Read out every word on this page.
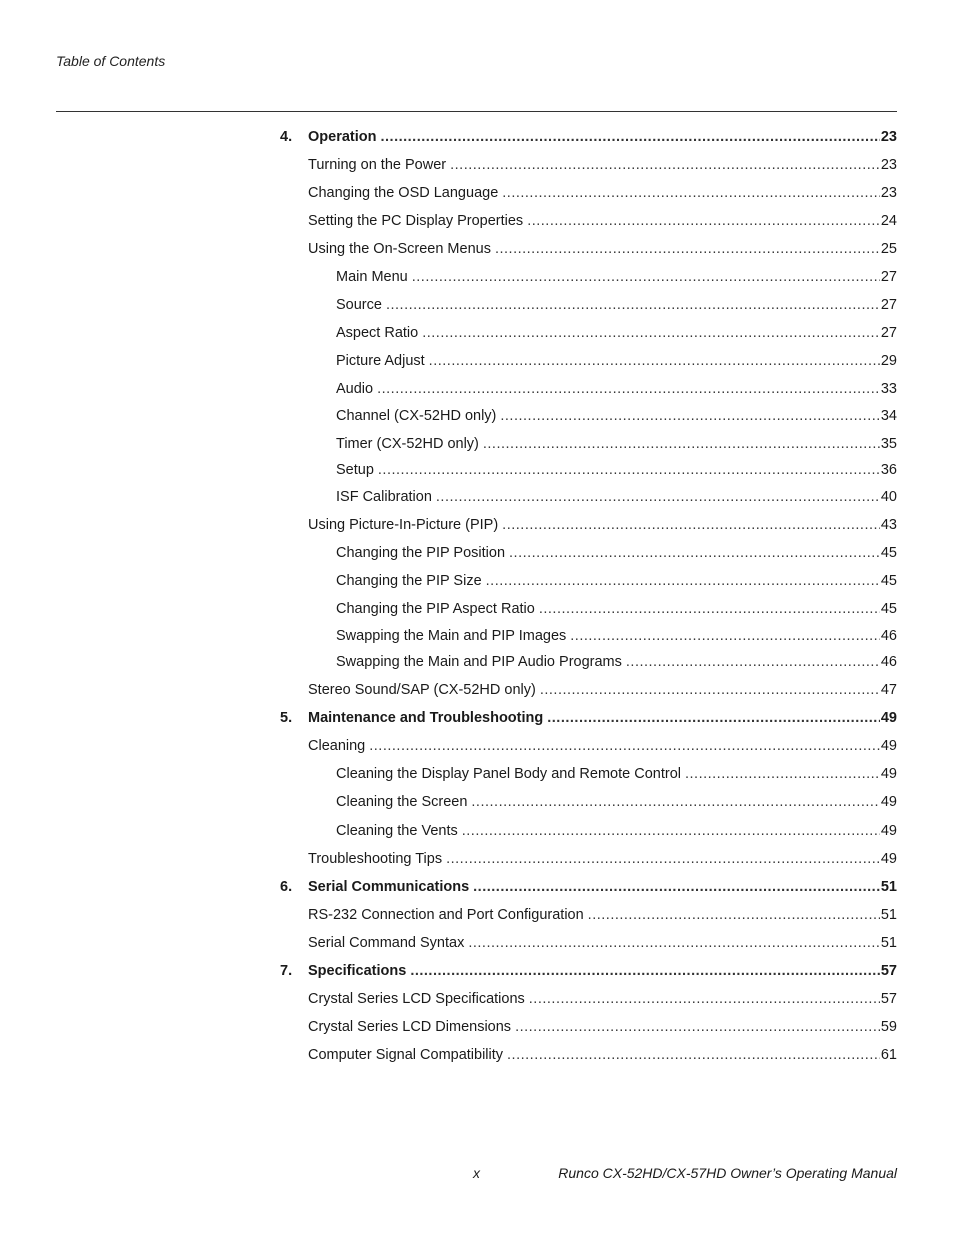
Table of Contents
4.	Operation .....	23
Turning on the Power .....	23
Changing the OSD Language .....	23
Setting the PC Display Properties .....	24
Using the On-Screen Menus .....	25
Main Menu .....	27
Source .....	27
Aspect Ratio .....	27
Picture Adjust .....	29
Audio .....	33
Channel (CX-52HD only) .....	34
Timer (CX-52HD only) .....	35
Setup .....	36
ISF Calibration .....	40
Using Picture-In-Picture (PIP) .....	43
Changing the PIP Position .....	45
Changing the PIP Size .....	45
Changing the PIP Aspect Ratio .....	45
Swapping the Main and PIP Images .....	46
Swapping the Main and PIP Audio Programs .....	46
Stereo Sound/SAP (CX-52HD only) .....	47
5.	Maintenance and Troubleshooting .....	49
Cleaning .....	49
Cleaning the Display Panel Body and Remote Control .....	49
Cleaning the Screen .....	49
Cleaning the Vents .....	49
Troubleshooting Tips .....	49
6.	Serial Communications .....	51
RS-232 Connection and Port Configuration .....	51
Serial Command Syntax .....	51
7.	Specifications .....	57
Crystal Series LCD Specifications .....	57
Crystal Series LCD Dimensions .....	59
Computer Signal Compatibility .....	61
x	Runco CX-52HD/CX-57HD Owner’s Operating Manual
